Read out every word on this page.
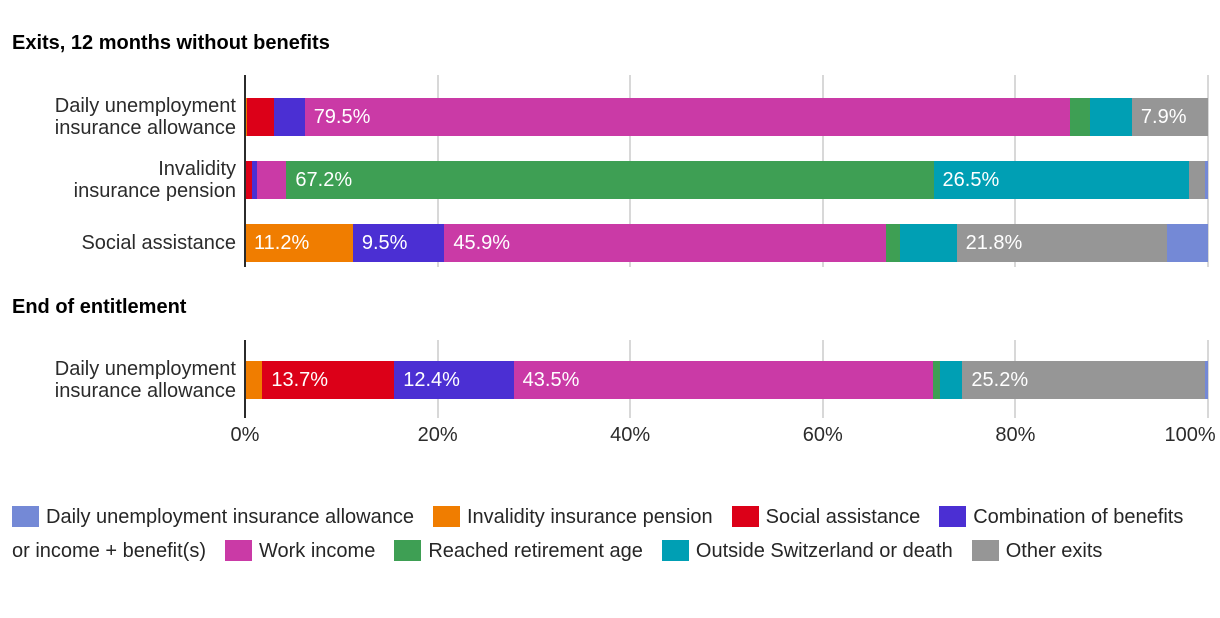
Exits, 12 months without benefits
Daily unemployment
insurance allowance	79.5%	7.9%
Invalidity
insurance pension	67.2%	26.5%
Social assistance 11.2%	9.5%	45.9%	21.8%
End of entitlement
Daily unemployment
insurance allowance	13.7%	12.4%	43.5%	25.2%
0%	20%	40%	60%	80%	100%
Daily unemployment insurance allowance	Invalidity insurance pension	Social assistance	Combination of benefits or income + benefit(s)	Work income	Reached retirement age	Outside Switzerland or death	Other exits
